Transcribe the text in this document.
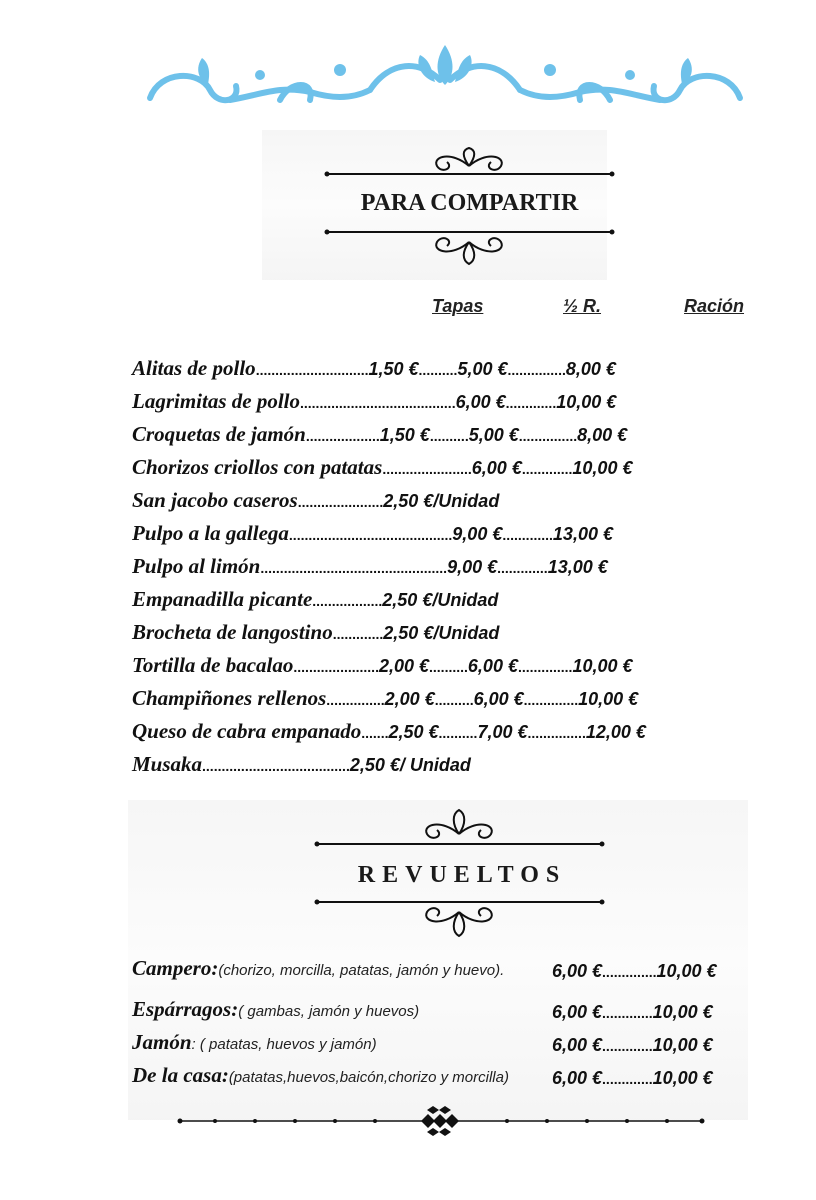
PARA COMPARTIR
Tapas	½ R.	Ración
Alitas de pollo ............................. 1,50 € .......... 5,00 € ............... 8,00 €
Lagrimitas de pollo ........................................ 6,00 € ............. 10,00 €
Croquetas de jamón ................... 1,50 € .......... 5,00 € ............... 8,00 €
Chorizos criollos con patatas ....................... 6,00 € ............. 10,00 €
San jacobo caseros ...................... 2,50 €/Unidad
Pulpo a la gallega .......................................... 9,00 € ............. 13,00 €
Pulpo al limón ................................................ 9,00 € ............. 13,00 €
Empanadilla picante .................. 2,50 €/Unidad
Brocheta de langostino ............. 2,50 €/Unidad
Tortilla de bacalao ...................... 2,00 € .......... 6,00 € .............. 10,00 €
Champiñones rellenos ............... 2,00 € .......... 6,00 € .............. 10,00 €
Queso de cabra empanado ....... 2,50 € .......... 7,00 € ............... 12,00 €
Musaka ...................................... 2,50 €/ Unidad
REVUELTOS
Campero: (chorizo, morcilla, patatas, jamón y huevo).	6,00 €..............10,00 €
Espárragos: ( gambas, jamón y huevos)	6,00 €.............10,00 €
Jamón : ( patatas, huevos y jamón)	6,00 €.............10,00 €
De la casa: (patatas,huevos,baicón,chorizo y morcilla) 6,00 €.............10,00 €
